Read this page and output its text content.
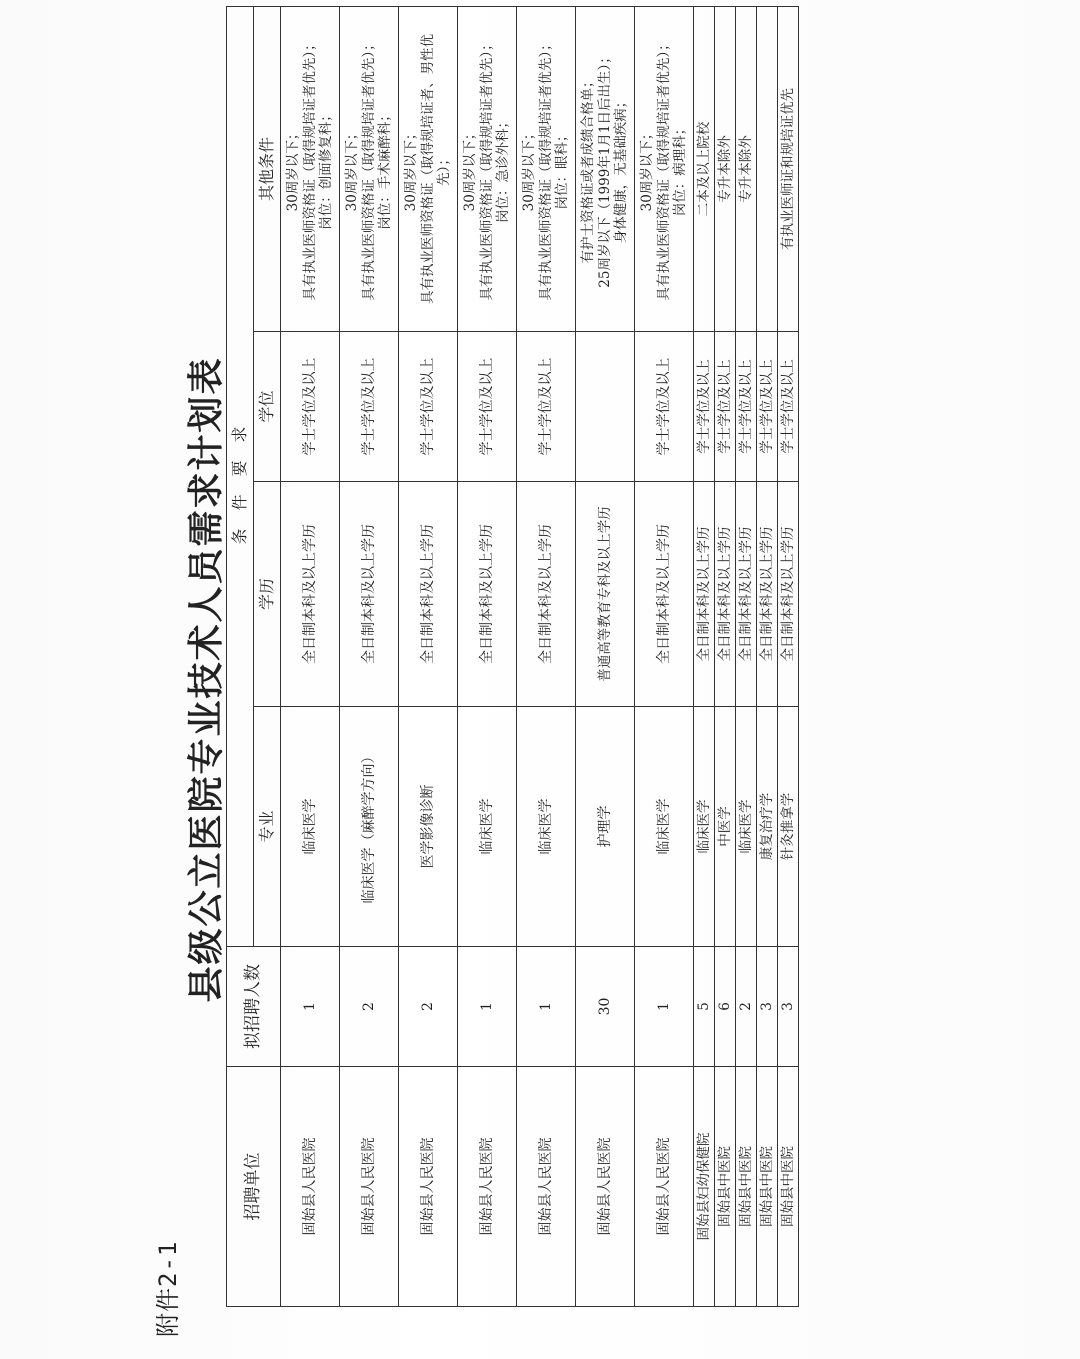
附件2-1
县级公立医院专业技术人员需求计划表
招聘单位	拟招聘人数	条件要求			
		专业	学历	学位	其他条件
固始县人民医院	1	临床医学	全日制本科及以上学历	学士学位及以上	30周岁以下； 具有执业医师资格证（取得规培证者优先）； 岗位：创面修复科；

固始县人民医院	2	临床医学（麻醉学方向）	全日制本科及以上学历	学士学位及以上	30周岁以下； 具有执业医师资格证（取得规培证者优先）； 岗位：手术麻醉科；

固始县人民医院	2	医学影像诊断	全日制本科及以上学历	学士学位及以上	30周岁以下； 具有执业医师资格证（取得规培证者、男性优 先）；

固始县人民医院	1	临床医学	全日制本科及以上学历	学士学位及以上	30周岁以下； 具有执业医师资格证（取得规培证者优先）； 岗位：急诊外科；

固始县人民医院	1	临床医学	全日制本科及以上学历	学士学位及以上	30周岁以下； 具有执业医师资格证（取得规培证者优先）； 岗位：眼科；

固始县人民医院	30	护理学	普通高等教育专科及以上学历		有护士资格证或者成绩合格单； 25周岁以下（1999年1月1日后出生）； 身体健康，无基础疾病；

固始县人民医院	1	临床医学	全日制本科及以上学历	学士学位及以上	30周岁以下； 具有执业医师资格证（取得规培证者优先）； 岗位：病理科；

固始县妇幼保健院	5	临床医学	全日制本科及以上学历	学士学位及以上	二本及以上院校
固始县中医院	6	中医学	全日制本科及以上学历	学士学位及以上	专升本除外
固始县中医院	2	临床医学	全日制本科及以上学历	学士学位及以上	专升本除外
固始县中医院	3	康复治疗学	全日制本科及以上学历	学士学位及以上	
固始县中医院	3	针灸推拿学	全日制本科及以上学历	学士学位及以上	有执业医师证和规培证优先
